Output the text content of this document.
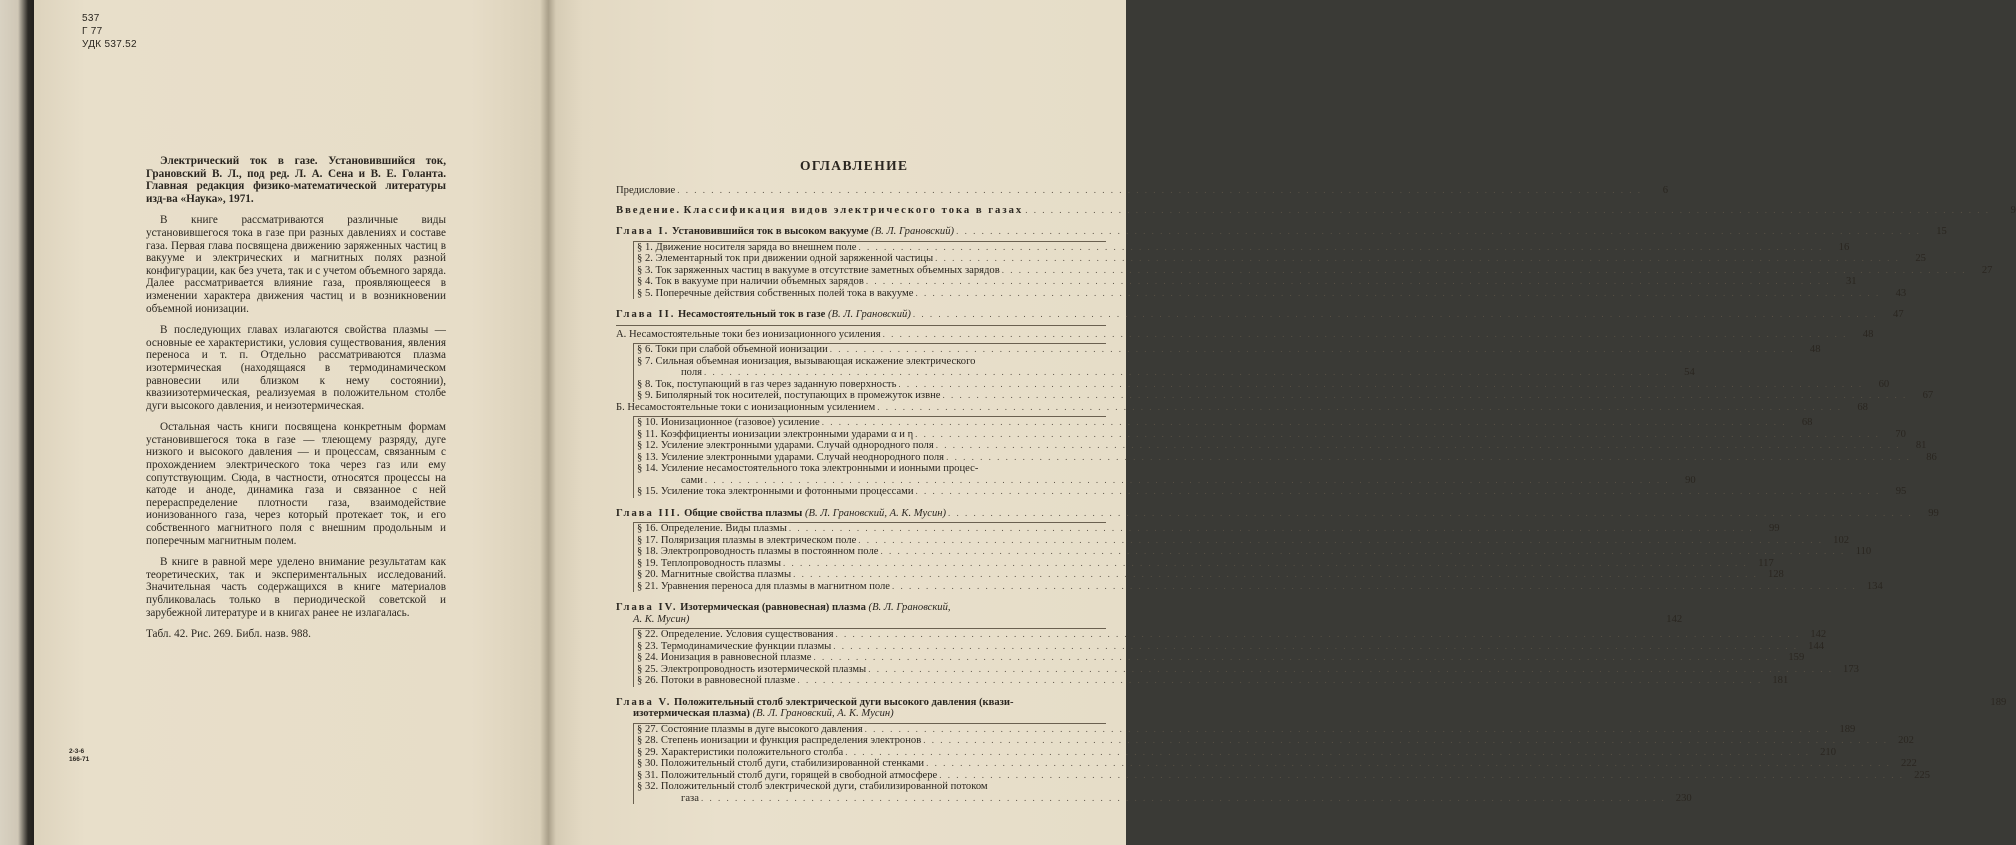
537
Г 77
УДК 537.52

Электрический ток в газе. Установившийся ток, Грановский В. Л., под ред. Л. А. Сена и В. Е. Голанта. Главная редакция физико-математической литературы изд-ва «Наука», 1971.

В книге рассматриваются различные виды установившегося тока в газе при разных давлениях и составе газа. Первая глава посвящена движению заряженных частиц в вакууме и электрических и магнитных полях разной конфигурации, как без учета, так и с учетом объемного заряда. Далее рассматривается влияние газа, проявляющееся в изменении характера движения частиц и в возникновении объемной ионизации.

В последующих главах излагаются свойства плазмы — основные ее характеристики, условия существования, явления переноса и т. п. Отдельно рассматриваются плазма изотермическая (находящаяся в термодинамическом равновесии или близком к нему состоянии), квазиизотермическая, реализуемая в положительном столбе дуги высокого давления, и неизотермическая.

Остальная часть книги посвящена конкретным формам установившегося тока в газе — тлеющему разряду, дуге низкого и высокого давления — и процессам, связанным с прохождением электрического тока через газ или ему сопутствующим. Сюда, в частности, относятся процессы на катоде и аноде, динамика газа и связанное с ней перераспределение плотности газа, взаимодействие ионизованного газа, через который протекает ток, и его собственного магнитного поля с внешним продольным и поперечным магнитным полем.

В книге в равной мере уделено внимание результатам как теоретических, так и экспериментальных исследований. Значительная часть содержащихся в книге материалов публиковалась только в периодической советской и зарубежной литературе и в книгах ранее не излагалась.

Табл. 42. Рис. 269. Библ. назв. 988.

2-3-6
166-71
ОГЛАВЛЕНИЕ
Предисловие . . .	6
Введение. Классификация видов электрического тока в газах . . .	9
Глава I. Установившийся ток в высоком вакууме (В. Л. Грановский) . . .	15
§ 1. Движение носителя заряда во внешнем поле . . .	16
§ 2. Элементарный ток при движении одной заряженной частицы . . .	25
§ 3. Ток заряженных частиц в вакууме в отсутствие заметных объемных зарядов . . .	27
§ 4. Ток в вакууме при наличии объемных зарядов . . .	31
§ 5. Поперечные действия собственных полей тока в вакууме . . .	43
Глава II. Несамостоятельный ток в газе (В. Л. Грановский) . . .	47
А. Несамостоятельные токи без ионизационного усиления . . .	48
§ 6. Токи при слабой объемной ионизации . . .	48
§ 7. Сильная объемная ионизация, вызывающая искажение электрического
поля . . .	54
§ 8. Ток, поступающий в газ через заданную поверхность . . .	60
§ 9. Биполярный ток носителей, поступающих в промежуток извне . . .	67
Б. Несамостоятельные токи с ионизационным усилением . . .	68
§ 10. Ионизационное (газовое) усиление . . .	68
§ 11. Коэффициенты ионизации электронными ударами α и η . . .	70
§ 12. Усиление электронными ударами. Случай однородного поля . . .	81
§ 13. Усиление электронными ударами. Случай неоднородного поля . . .	86
§ 14. Усиление несамостоятельного тока электронными и ионными процес-
сами . . .	90
§ 15. Усиление тока электронными и фотонными процессами . . .	95
Глава III. Общие свойства плазмы (В. Л. Грановский, А. К. Мусин) . . .	99
§ 16. Определение. Виды плазмы . . .	99
§ 17. Поляризация плазмы в электрическом поле . . .	102
§ 18. Электропроводность плазмы в постоянном поле . . .	110
§ 19. Теплопроводность плазмы . . .	117
§ 20. Магнитные свойства плазмы . . .	128
§ 21. Уравнения переноса для плазмы в магнитном поле . . .	134
Глава IV. Изотермическая (равновесная) плазма (В. Л. Грановский,
А. К. Мусин)	142
§ 22. Определение. Условия существования . . .	142
§ 23. Термодинамические функции плазмы . . .	144
§ 24. Ионизация в равновесной плазме . . .	159
§ 25. Электропроводность изотермической плазмы . . .	173
§ 26. Потоки в равновесной плазме . . .	181
Глава V. Положительный столб электрической дуги высокого давления (квази-	189
изотермическая плазма) (В. Л. Грановский, А. К. Мусин)
§ 27. Состояние плазмы в дуге высокого давления . . .	189
§ 28. Степень ионизации и функция распределения электронов . . .	202
§ 29. Характеристики положительного столба . . .	210
§ 30. Положительный столб дуги, стабилизированной стенками . . .	222
§ 31. Положительный столб дуги, горящей в свободной атмосфере . . .	225
§ 32. Положительный столб электрической дуги, стабилизированной потоком
газа . . .	230
